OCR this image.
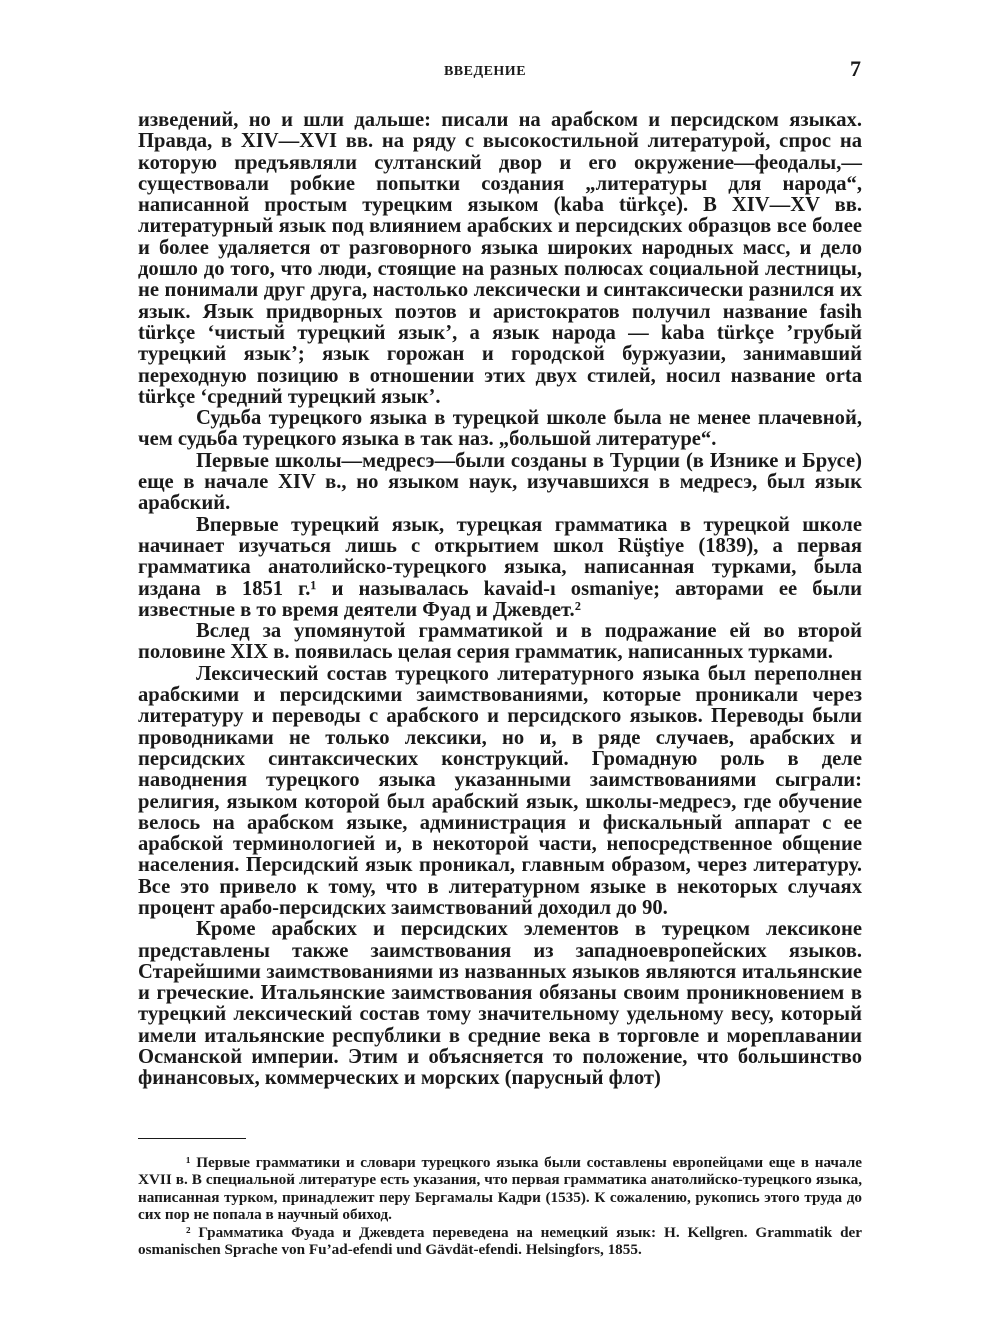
ВВЕДЕНИЕ	7

изведений, но и шли дальше: писали на арабском и персидском языках. Правда, в XIV—XVI вв. на ряду с высокостильной литературой, спрос на которую предъявляли султанский двор и его окружение—феодалы,—существовали робкие попытки создания „литературы для народа“, написанной простым турецким языком (kaba türkçe). В XIV—XV вв. литературный язык под влиянием арабских и персидских образцов все более и более удаляется от разговорного языка широких народных масс, и дело дошло до того, что люди, стоящие на разных полюсах социальной лестницы, не понимали друг друга, настолько лексически и синтаксически разнился их язык. Язык придворных поэтов и аристократов получил название fasih türkçe ‘чистый турецкий язык’, а язык народа — kaba türkçe ’грубый турецкий язык’; язык горожан и городской буржуазии, занимавший переходную позицию в отношении этих двух стилей, носил название orta türkçe ‘средний турецкий язык’.

Судьба турецкого языка в турецкой школе была не менее плачевной, чем судьба турецкого языка в так наз. „большой литературе“.

Первые школы—медресэ—были созданы в Турции (в Изнике и Брусе) еще в начале XIV в., но языком наук, изучавшихся в медресэ, был язык арабский.

Впервые турецкий язык, турецкая грамматика в турецкой школе начинает изучаться лишь с открытием школ Rüştiye (1839), а первая грамматика анатолийско-турецкого языка, написанная турками, была издана в 1851 г.¹ и называлась kavaid-ı osmaniye; авторами ее были известные в то время деятели Фуад и Джевдет.²

Вслед за упомянутой грамматикой и в подражание ей во второй половине XIX в. появилась целая серия грамматик, написанных турками.

Лексический состав турецкого литературного языка был переполнен арабскими и персидскими заимствованиями, которые проникали через литературу и переводы с арабского и персидского языков. Переводы были проводниками не только лексики, но и, в ряде случаев, арабских и персидских синтаксических конструкций. Громадную роль в деле наводнения турецкого языка указанными заимствованиями сыграли: религия, языком которой был арабский язык, школы-медресэ, где обучение велось на арабском языке, администрация и фискальный аппарат с ее арабской терминологией и, в некоторой части, непосредственное общение населения. Персидский язык проникал, главным образом, через литературу. Все это привело к тому, что в литературном языке в некоторых случаях процент арабо-персидских заимствований доходил до 90.

Кроме арабских и персидских элементов в турецком лексиконе представлены также заимствования из западноевропейских языков. Старейшими заимствованиями из названных языков являются итальянские и греческие. Итальянские заимствования обязаны своим проникновением в турецкий лексический состав тому значительному удельному весу, который имели итальянские республики в средние века в торговле и мореплавании Османской империи. Этим и объясняется то положение, что большинство финансовых, коммерческих и морских (парусный флот)

¹ Первые грамматики и словари турецкого языка были составлены европейцами еще в начале XVII в. В специальной литературе есть указания, что первая грамматика анатолийско-турецкого языка, написанная турком, принадлежит перу Бергамалы Кадри (1535). К сожалению, рукопись этого труда до сих пор не попала в научный обиход.

² Грамматика Фуада и Джевдета переведена на немецкий язык: H. Kellgren. Grammatik der osmanischen Sprache von Fu’ad-efendi und Gävdät-efendi. Helsingfors, 1855.
